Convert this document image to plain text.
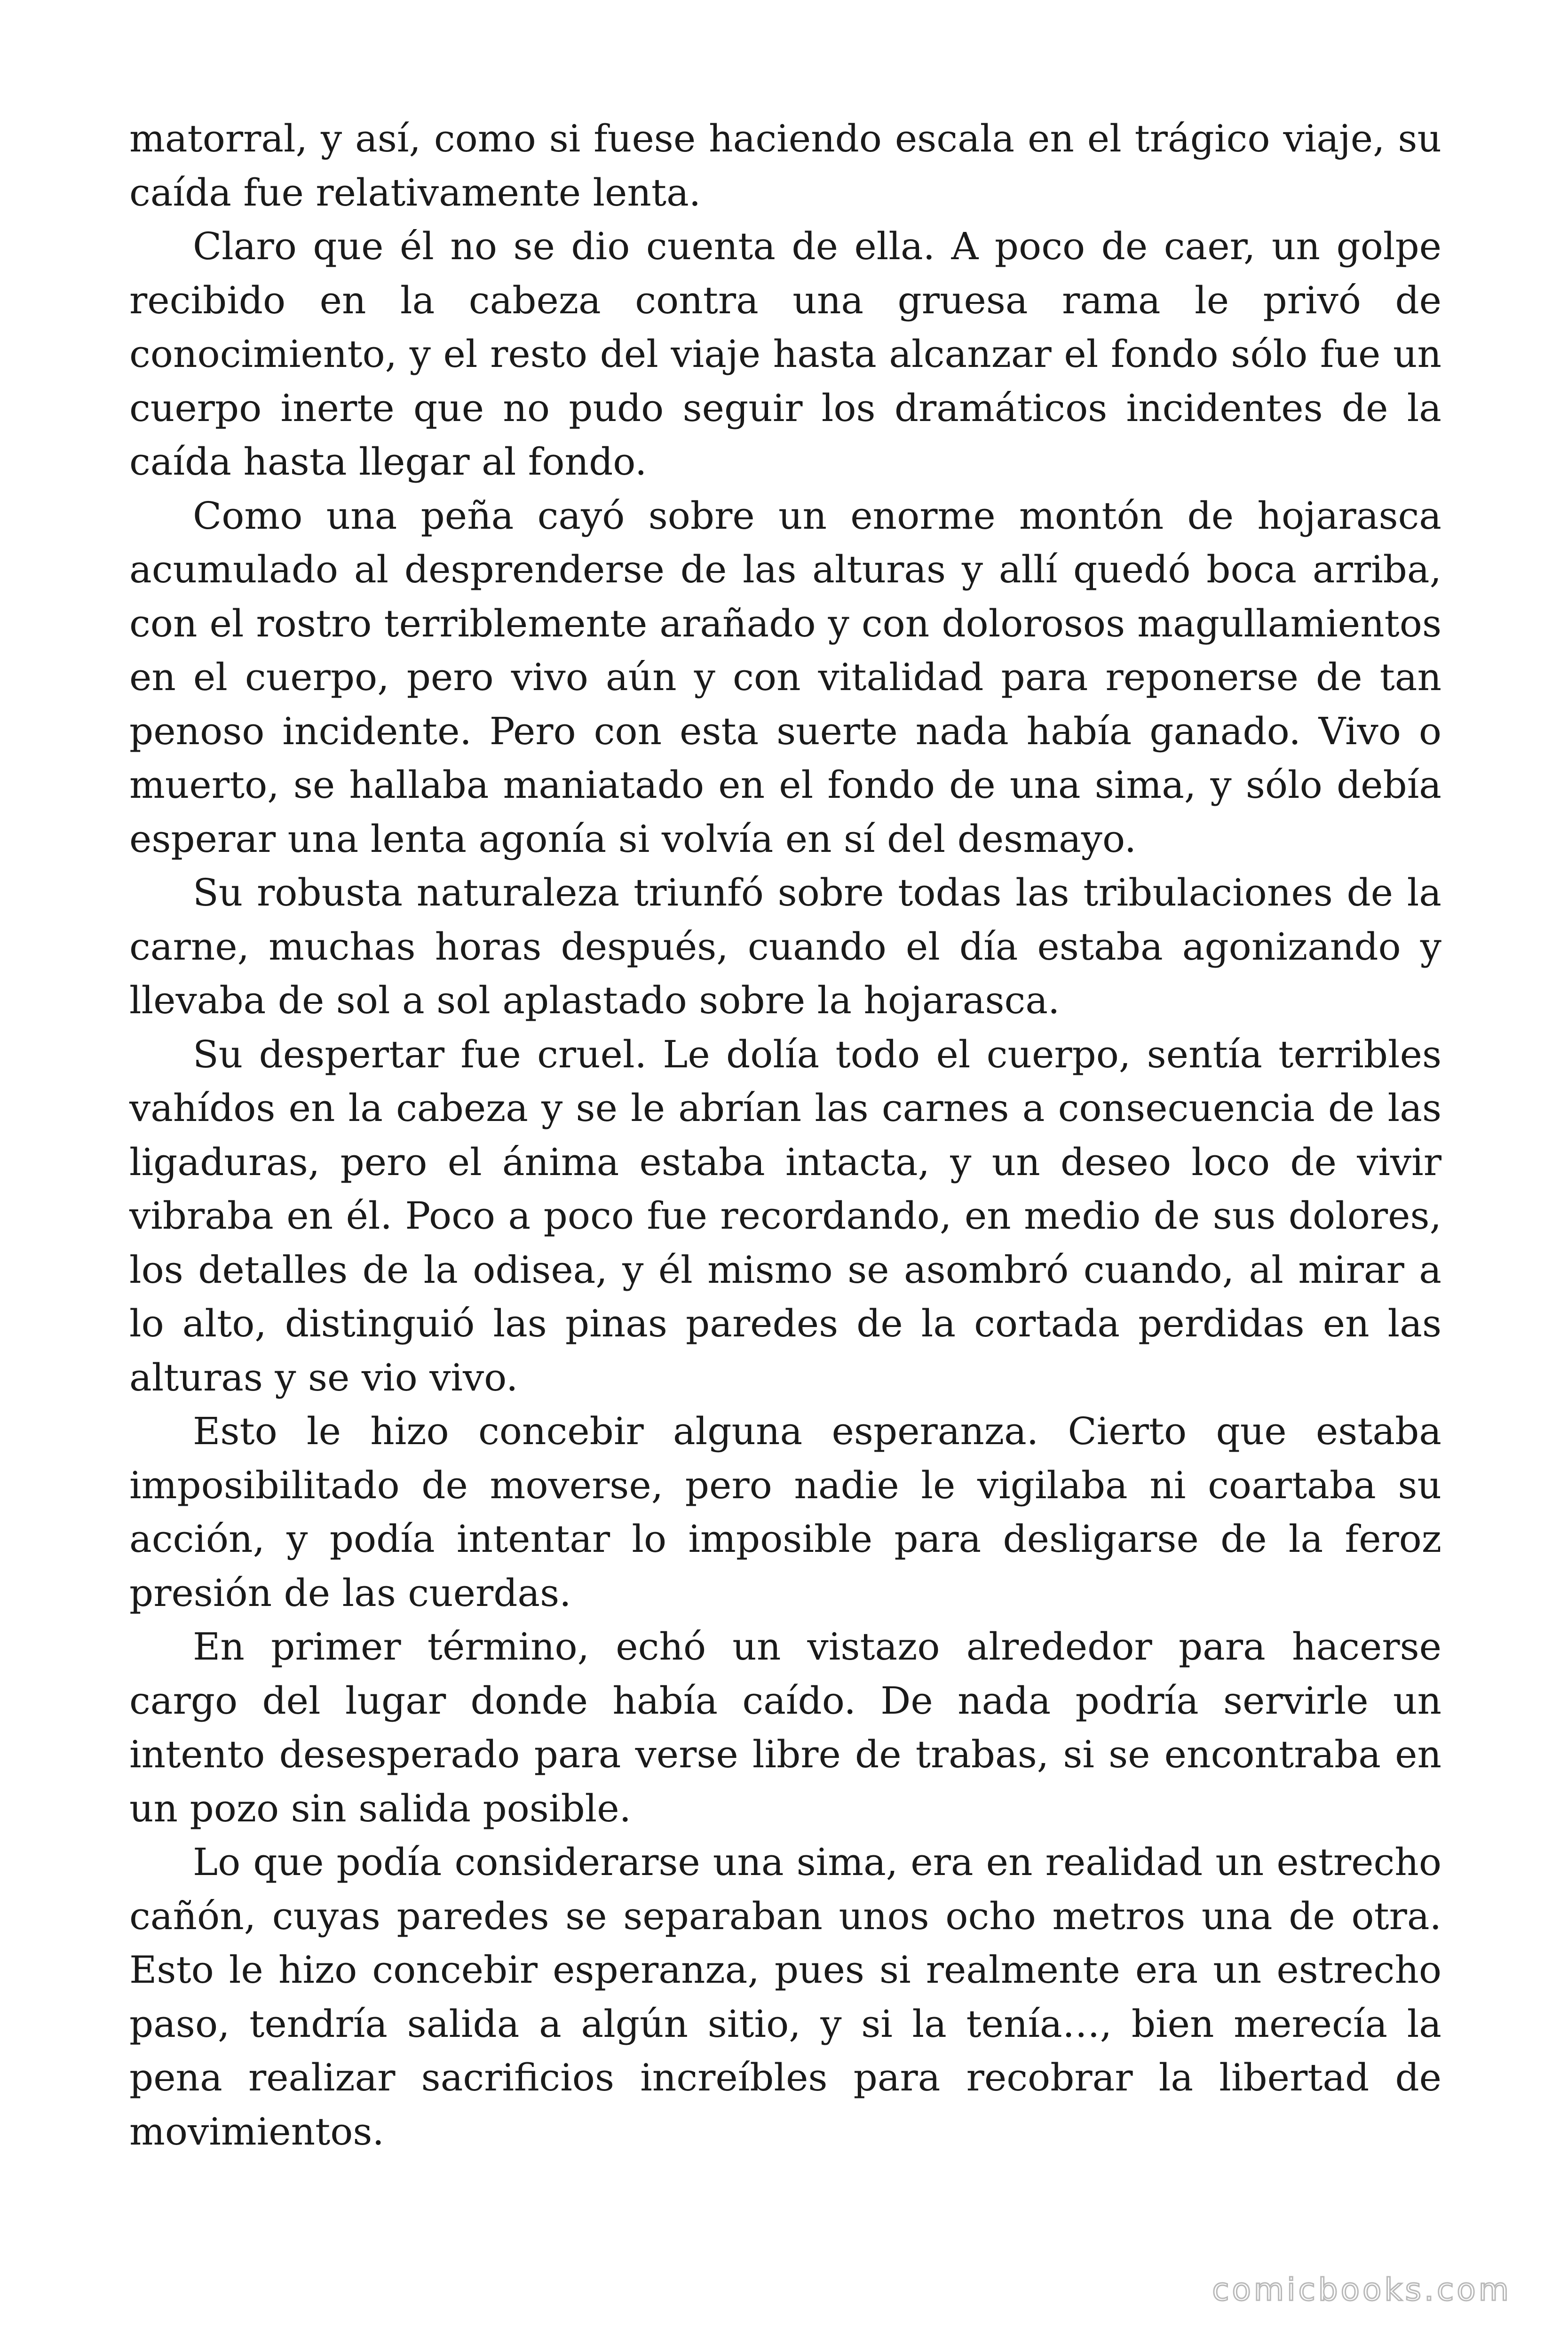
matorral, y así, como si fuese haciendo escala en el trágico viaje, su caída fue relativamente lenta.

Claro que él no se dio cuenta de ella. A poco de caer, un golpe recibido en la cabeza contra una gruesa rama le privó de conocimiento, y el resto del viaje hasta alcanzar el fondo sólo fue un cuerpo inerte que no pudo seguir los dramáticos incidentes de la caída hasta llegar al fondo.

Como una peña cayó sobre un enorme montón de hojarasca acumulado al desprenderse de las alturas y allí quedó boca arriba, con el rostro terriblemente arañado y con dolorosos magullamientos en el cuerpo, pero vivo aún y con vitalidad para reponerse de tan penoso incidente. Pero con esta suerte nada había ganado. Vivo o muerto, se hallaba maniatado en el fondo de una sima, y sólo debía esperar una lenta agonía si volvía en sí del desmayo.

Su robusta naturaleza triunfó sobre todas las tribulaciones de la carne, muchas horas después, cuando el día estaba agonizando y llevaba de sol a sol aplastado sobre la hojarasca.

Su despertar fue cruel. Le dolía todo el cuerpo, sentía terribles vahídos en la cabeza y se le abrían las carnes a consecuencia de las ligaduras, pero el ánima estaba intacta, y un deseo loco de vivir vibraba en él. Poco a poco fue recordando, en medio de sus dolores, los detalles de la odisea, y él mismo se asombró cuando, al mirar a lo alto, distinguió las pinas paredes de la cortada perdidas en las alturas y se vio vivo.

Esto le hizo concebir alguna esperanza. Cierto que estaba imposibilitado de moverse, pero nadie le vigilaba ni coartaba su acción, y podía intentar lo imposible para desligarse de la feroz presión de las cuerdas.

En primer término, echó un vistazo alrededor para hacerse cargo del lugar donde había caído. De nada podría servirle un intento desesperado para verse libre de trabas, si se encontraba en un pozo sin salida posible.

Lo que podía considerarse una sima, era en realidad un estrecho cañón, cuyas paredes se separaban unos ocho metros una de otra. Esto le hizo concebir esperanza, pues si realmente era un estrecho paso, tendría salida a algún sitio, y si la tenía…, bien merecía la pena realizar sacrificios increíbles para recobrar la libertad de movimientos.

comicbooks.com
